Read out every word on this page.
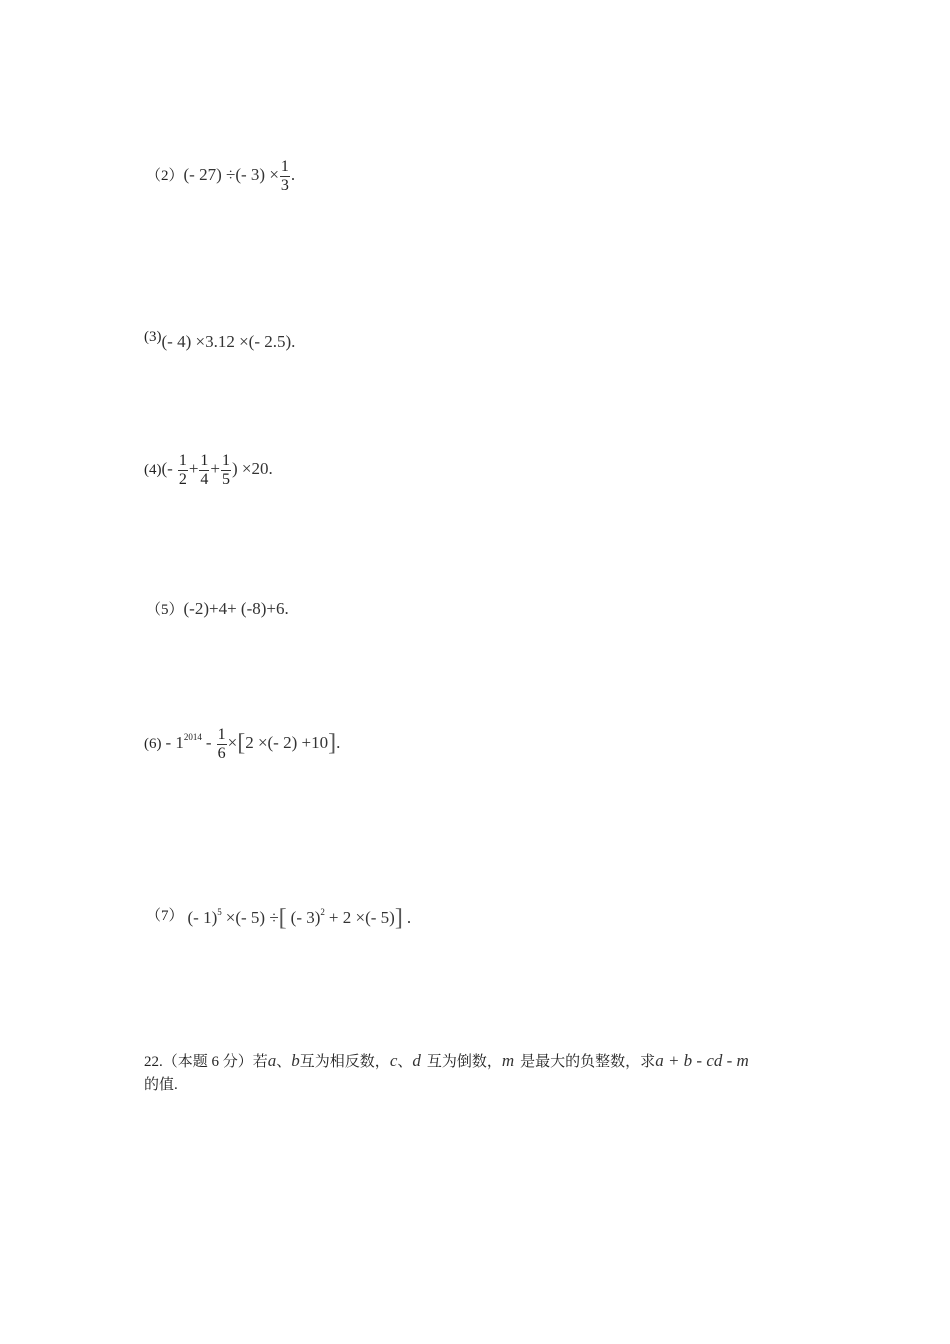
（2）(- 27) ÷(- $3) \times \frac{1}{3}$ .
(3)(- 4) ×3.12 ×(- 2.5).
$(4)(- \frac{1}{2} + \frac{1}{4} + \frac{1}{5}$ ) ×20.
（5）(-2)+4+ (-8)+6.
$(6) - 1^{2014} - \frac{1}{6} \times[2$ ×(- 2) +10].
（7） (- 1)$^5$ ×(- 5) ÷[ (- 3)$^2$ + 2 ×(- 5)] .
22.（本题 6 分）若a、b互为相反数，c、d 互为倒数，m 是最大的负整数，求a + b - cd - m
的值.
